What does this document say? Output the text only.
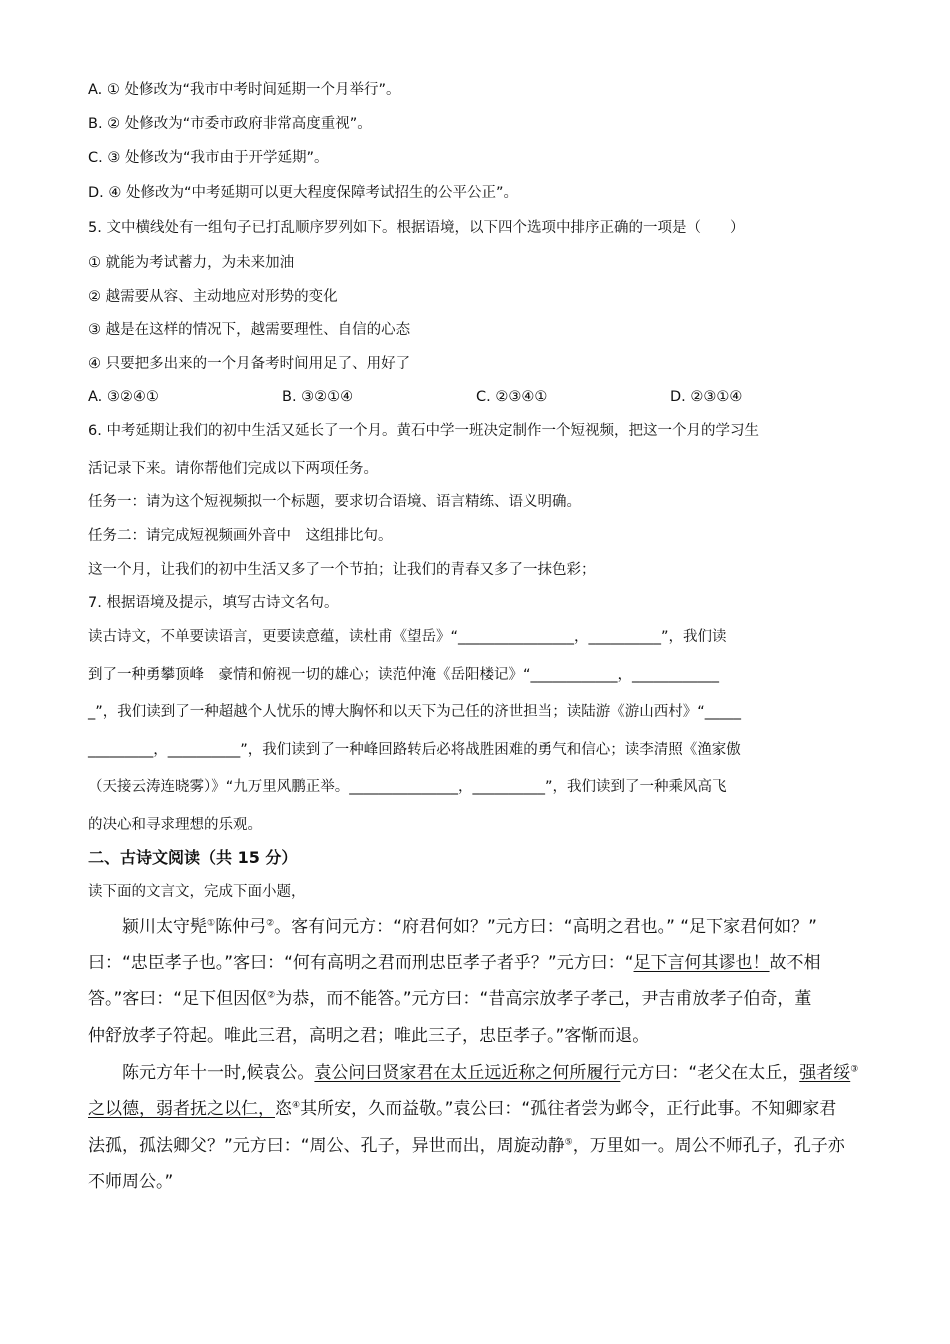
A. ① 处修改为“我市中考时间延期一个月举行”。
B. ② 处修改为“市委市政府非常高度重视”。
C. ③ 处修改为“我市由于开学延期”。
D. ④ 处修改为“中考延期可以更大程度保障考试招生的公平公正”。
5. 文中横线处有一组句子已打乱顺序罗列如下。根据语境，以下四个选项中排序正确的一项是（　　）
① 就能为考试蓄力，为未来加油
② 越需要从容、主动地应对形势的变化
③ 越是在这样的情况下，越需要理性、自信的心态
④ 只要把多出来的一个月备考时间用足了、用好了
A. ③②④①	B. ③②①④	C. ②③④①	D. ②③①④
6. 中考延期让我们的初中生活又延长了一个月。黄石中学一班决定制作一个短视频，把这一个月的学习生
活记录下来。请你帮他们完成以下两项任务。
任务一：请为这个短视频拟一个标题，要求切合语境、语言精练、语义明确。
任务二：请完成短视频画外音中　这组排比句。
这一个月，让我们的初中生活又多了一个节拍；让我们的青春又多了一抹色彩；
7. 根据语境及提示，填写古诗文名句。
读古诗文，不单要读语言，更要读意蕴，读杜甫《望岳》“________________，__________”，我们读
到了一种勇攀顶峰　豪情和俯视一切的雄心；读范仲淹《岳阳楼记》“____________，____________
_”，我们读到了一种超越个人忧乐的博大胸怀和以天下为己任的济世担当；读陆游《游山西村》“_____
_________，__________”，我们读到了一种峰回路转后必将战胜困难的勇气和信心；读李清照《渔家傲
（天接云涛连晓雾）》“九万里风鹏正举。_______________，__________”，我们读到了一种乘风高飞
的决心和寻求理想的乐观。
二、古诗文阅读（共 15 分）
读下面的文言文，完成下面小题，
　　颍川太守髡①陈仲弓②。客有问元方：“府君何如？”元方曰：“高明之君也。” “足下家君何如？”
曰：“忠臣孝子也。”客曰：“何有高明之君而刑忠臣孝子者乎？”元方曰：“足下言何其谬也！故不相
答。”客曰：“足下但因伛②为恭，而不能答。”元方曰：“昔高宗放孝子孝己，尹吉甫放孝子伯奇，董
仲舒放孝子符起。唯此三君，高明之君；唯此三子，忠臣孝子。”客惭而退。
　　陈元方年十一时,候袁公。袁公问曰贤家君在太丘远近称之何所履行元方曰：“老父在太丘，强者绥③
之以德，弱者抚之以仁，恣④其所安，久而益敬。”袁公曰：“孤往者尝为邺令，正行此事。不知卿家君
法孤，孤法卿父？”元方曰：“周公、孔子，异世而出，周旋动静⑤，万里如一。周公不师孔子，孔子亦
不师周公。”
